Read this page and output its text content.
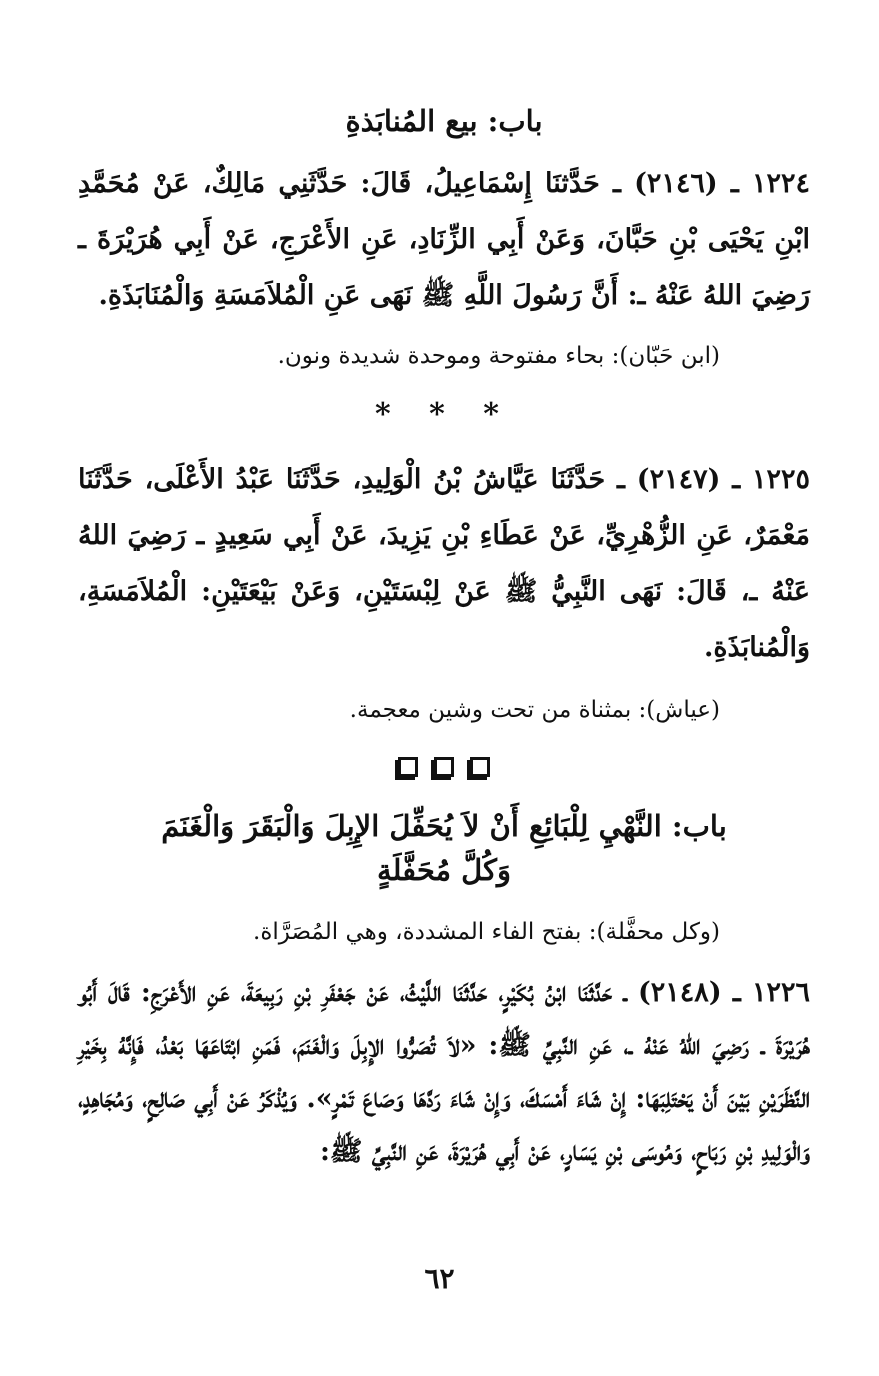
باب: بيع المُنابَذةِ

١٢٢٤ ـ (٢١٤٦) ـ حَدَّثنَا إِسْمَاعِيلُ، قَالَ: حَدَّثَنِي مَالِكٌ، عَنْ مُحَمَّدِ ابْنِ يَحْيَى بْنِ حَبَّانَ، وَعَنْ أَبِي الزِّنَادِ، عَنِ الأَعْرَجِ، عَنْ أَبِي هُرَيْرَةَ ـ رَضِيَ اللهُ عَنْهُ ـ: أَنَّ رَسُولَ اللَّهِ ﷺ نَهَى عَنِ الْمُلاَمَسَةِ وَالْمُنَابَذَةِ.

(ابن حَبّان): بحاء مفتوحة وموحدة شديدة ونون.

* * *

١٢٢٥ ـ (٢١٤٧) ـ حَدَّثَنَا عَيَّاشُ بْنُ الْوَلِيدِ، حَدَّثَنَا عَبْدُ الأَعْلَى، حَدَّثَنَا مَعْمَرٌ، عَنِ الزُّهْرِيِّ، عَنْ عَطَاءِ بْنِ يَزِيدَ، عَنْ أَبِي سَعِيدٍ ـ رَضِيَ اللهُ عَنْهُ ـ، قَالَ: نَهَى النَّبِيُّ ﷺ عَنْ لِبْسَتَيْنِ، وَعَنْ بَيْعَتَيْنِ: الْمُلاَمَسَةِ، وَالْمُنابَذَةِ.

(عياش): بمثناة من تحت وشين معجمة.

باب: النَّهْيِ لِلْبَائِعِ أَنْ لاَ يُحَفِّلَ الإِبِلَ وَالْبَقَرَ وَالْغَنَمَ
وَكُلَّ مُحَفَّلَةٍ

(وكل محفَّلة): بفتح الفاء المشددة، وهي المُصَرَّاة.

١٢٢٦ ـ (٢١٤٨) ـ حَدَّثَنَا ابْنُ بُكَيْرٍ، حَدَّثَنَا اللَّيْثُ، عَنْ جَعْفَرِ بْنِ رَبِيعَةَ، عَنِ الأَعْرَجِ: قَالَ أَبُو هُرَيْرَةَ ـ رَضِيَ اللهُ عَنْهُ ـ، عَنِ النَّبِيِّ ﷺ: «لاَ تُصَرُّوا الإِبِلَ وَالْغَنَمَ، فَمَنِ ابْتَاعَهَا بَعْدُ، فَإِنَّهُ بِخَيْرِ النَّظَرَيْنِ بَيْنَ أَنْ يَحْتَلِبَهَا: إِنْ شَاءَ أَمْسَكَ، وَإِنْ شَاءَ رَدَّهَا وَصَاعَ تَمْرٍ». وَيُذْكَرُ عَنْ أَبِي صَالِحٍ، وَمُجَاهِدٍ، وَالْوَلِيدِ بْنِ رَبَاحٍ، وَمُوسَى بْنِ يَسَارٍ، عَنْ أَبِي هُرَيْرَةَ، عَنِ النَّبِيِّ ﷺ:

٦٢
